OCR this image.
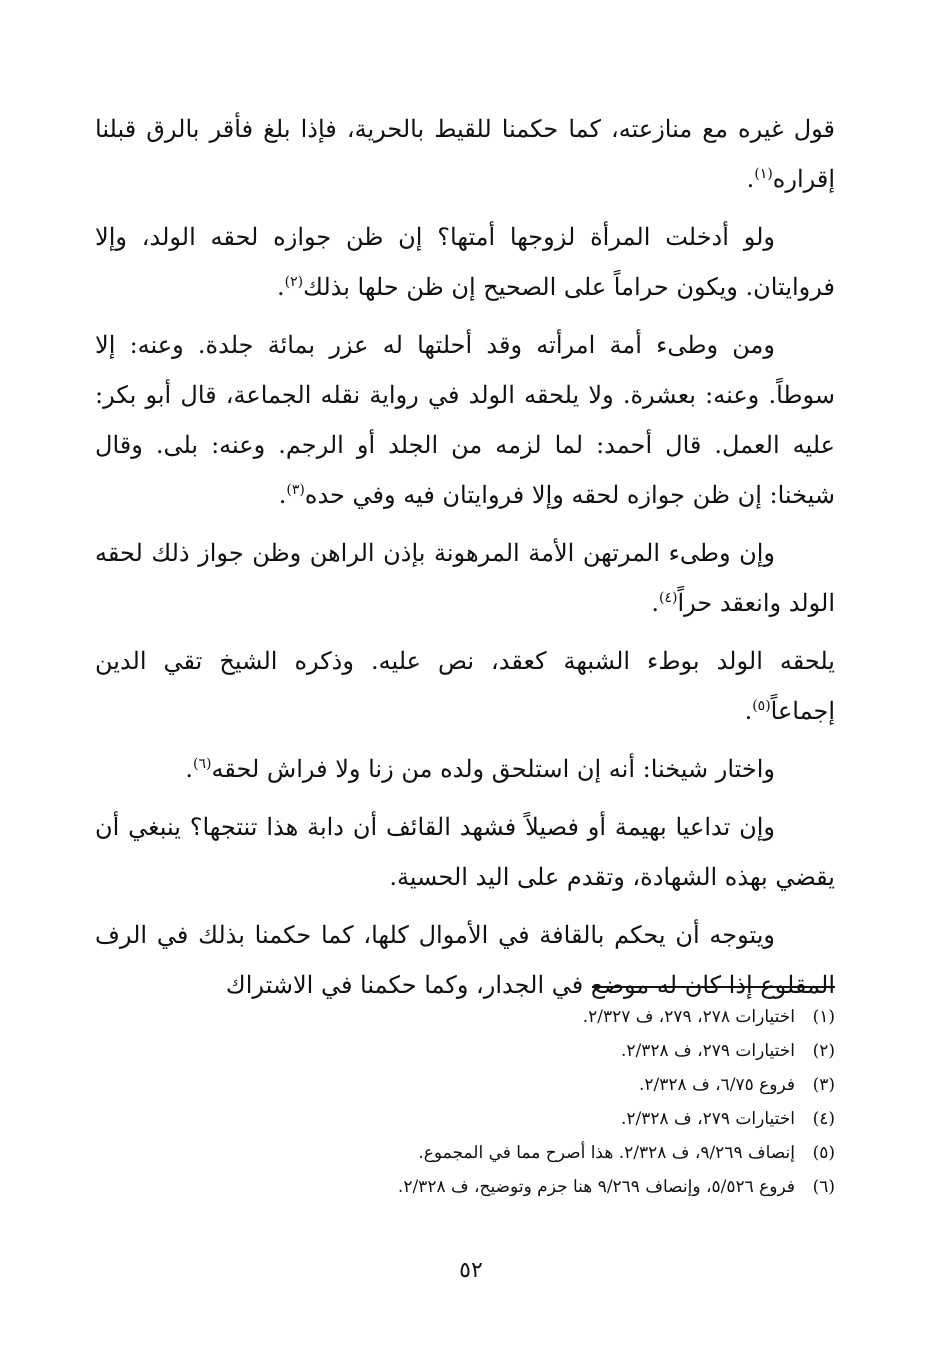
قول غيره مع منازعته، كما حكمنا للقيط بالحرية، فإذا بلغ فأقر بالرق قبلنا إقراره$^{(١)}$.

ولو أدخلت المرأة لزوجها أمتها؟ إن ظن جوازه لحقه الولد، وإلا فروايتان. ويكون حراماً على الصحيح إن ظن حلها بذلك$^{(٢)}$.

ومن وطىء أمة امرأته وقد أحلتها له عزر بمائة جلدة. وعنه: إلا سوطاً. وعنه: بعشرة. ولا يلحقه الولد في رواية نقله الجماعة، قال أبو بكر: عليه العمل. قال أحمد: لما لزمه من الجلد أو الرجم. وعنه: بلى. وقال شيخنا: إن ظن جوازه لحقه وإلا فروايتان فيه وفي حده$^{(٣)}$.

وإن وطىء المرتهن الأمة المرهونة بإذن الراهن وظن جواز ذلك لحقه الولد وانعقد حراً$^{(٤)}$.

يلحقه الولد بوطء الشبهة كعقد، نص عليه. وذكره الشيخ تقي الدين إجماعاً$^{(٥)}$.

واختار شيخنا: أنه إن استلحق ولده من زنا ولا فراش لحقه$^{(٦)}$.

وإن تداعيا بهيمة أو فصيلاً فشهد القائف أن دابة هذا تنتجها؟ ينبغي أن يقضي بهذه الشهادة، وتقدم على اليد الحسية.

ويتوجه أن يحكم بالقافة في الأموال كلها، كما حكمنا بذلك في الرف المقلوع إذا كان له موضع في الجدار، وكما حكمنا في الاشتراك

(١)اختيارات ٢٧٨، ٢٧٩، ف ٢/٣٢٧.
(٢)اختيارات ٢٧٩، ف ٢/٣٢٨.
(٣)فروع ٦/٧٥، ف ٢/٣٢٨.
(٤)اختيارات ٢٧٩، ف ٢/٣٢٨.
(٥)إنصاف ٩/٢٦٩، ف ٢/٣٢٨. هذا أصرح مما في المجموع.
(٦)فروع ٥/٥٢٦، وإنصاف ٩/٢٦٩ هنا جزم وتوضيح، ف ٢/٣٢٨.
٥٢
